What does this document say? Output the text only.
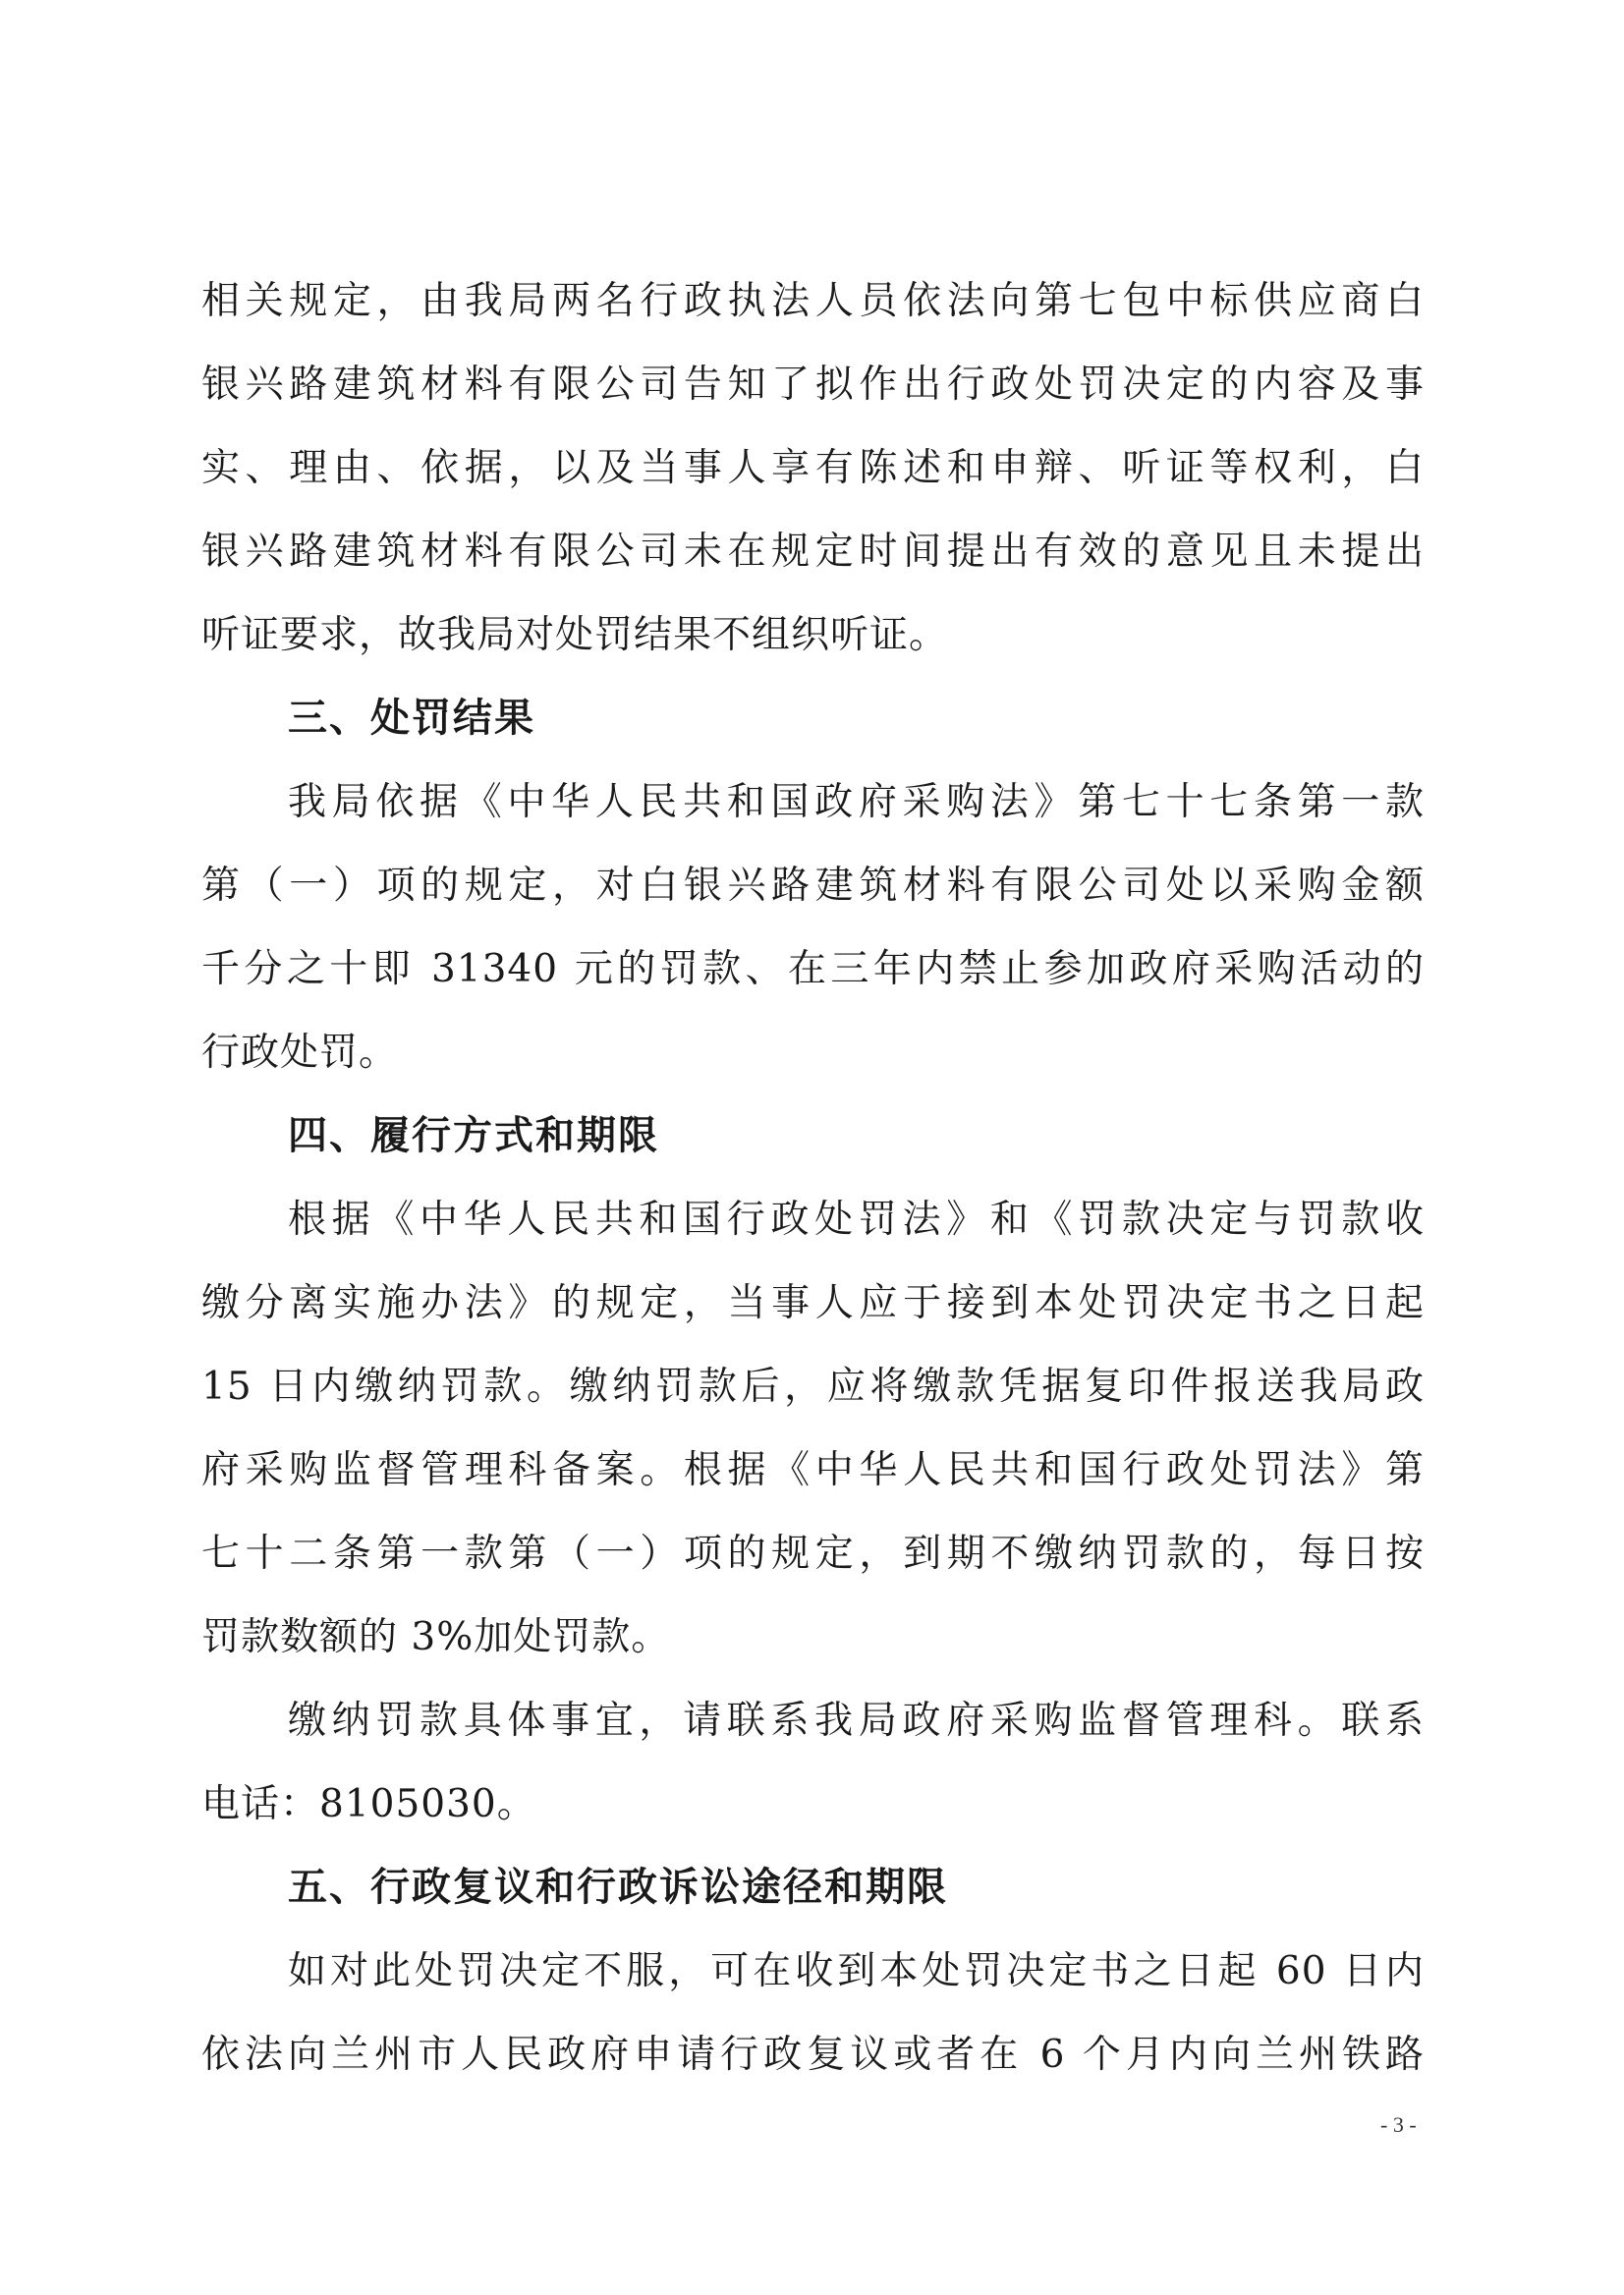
相关规定，由我局两名行政执法人员依法向第七包中标供应商白
银兴路建筑材料有限公司告知了拟作出行政处罚决定的内容及事
实、理由、依据，以及当事人享有陈述和申辩、听证等权利，白
银兴路建筑材料有限公司未在规定时间提出有效的意见且未提出
听证要求，故我局对处罚结果不组织听证。
三、处罚结果
我局依据《中华人民共和国政府采购法》第七十七条第一款
第（一）项的规定，对白银兴路建筑材料有限公司处以采购金额
千分之十即 31340 元的罚款、在三年内禁止参加政府采购活动的
行政处罚。
四、履行方式和期限
根据《中华人民共和国行政处罚法》和《罚款决定与罚款收
缴分离实施办法》的规定，当事人应于接到本处罚决定书之日起
15 日内缴纳罚款。缴纳罚款后，应将缴款凭据复印件报送我局政
府采购监督管理科备案。根据《中华人民共和国行政处罚法》第
七十二条第一款第（一）项的规定，到期不缴纳罚款的，每日按
罚款数额的 3%加处罚款。
缴纳罚款具体事宜，请联系我局政府采购监督管理科。联系
电话：8105030。
五、行政复议和行政诉讼途径和期限
如对此处罚决定不服，可在收到本处罚决定书之日起 60 日内
依法向兰州市人民政府申请行政复议或者在 6 个月内向兰州铁路
- 3 -
